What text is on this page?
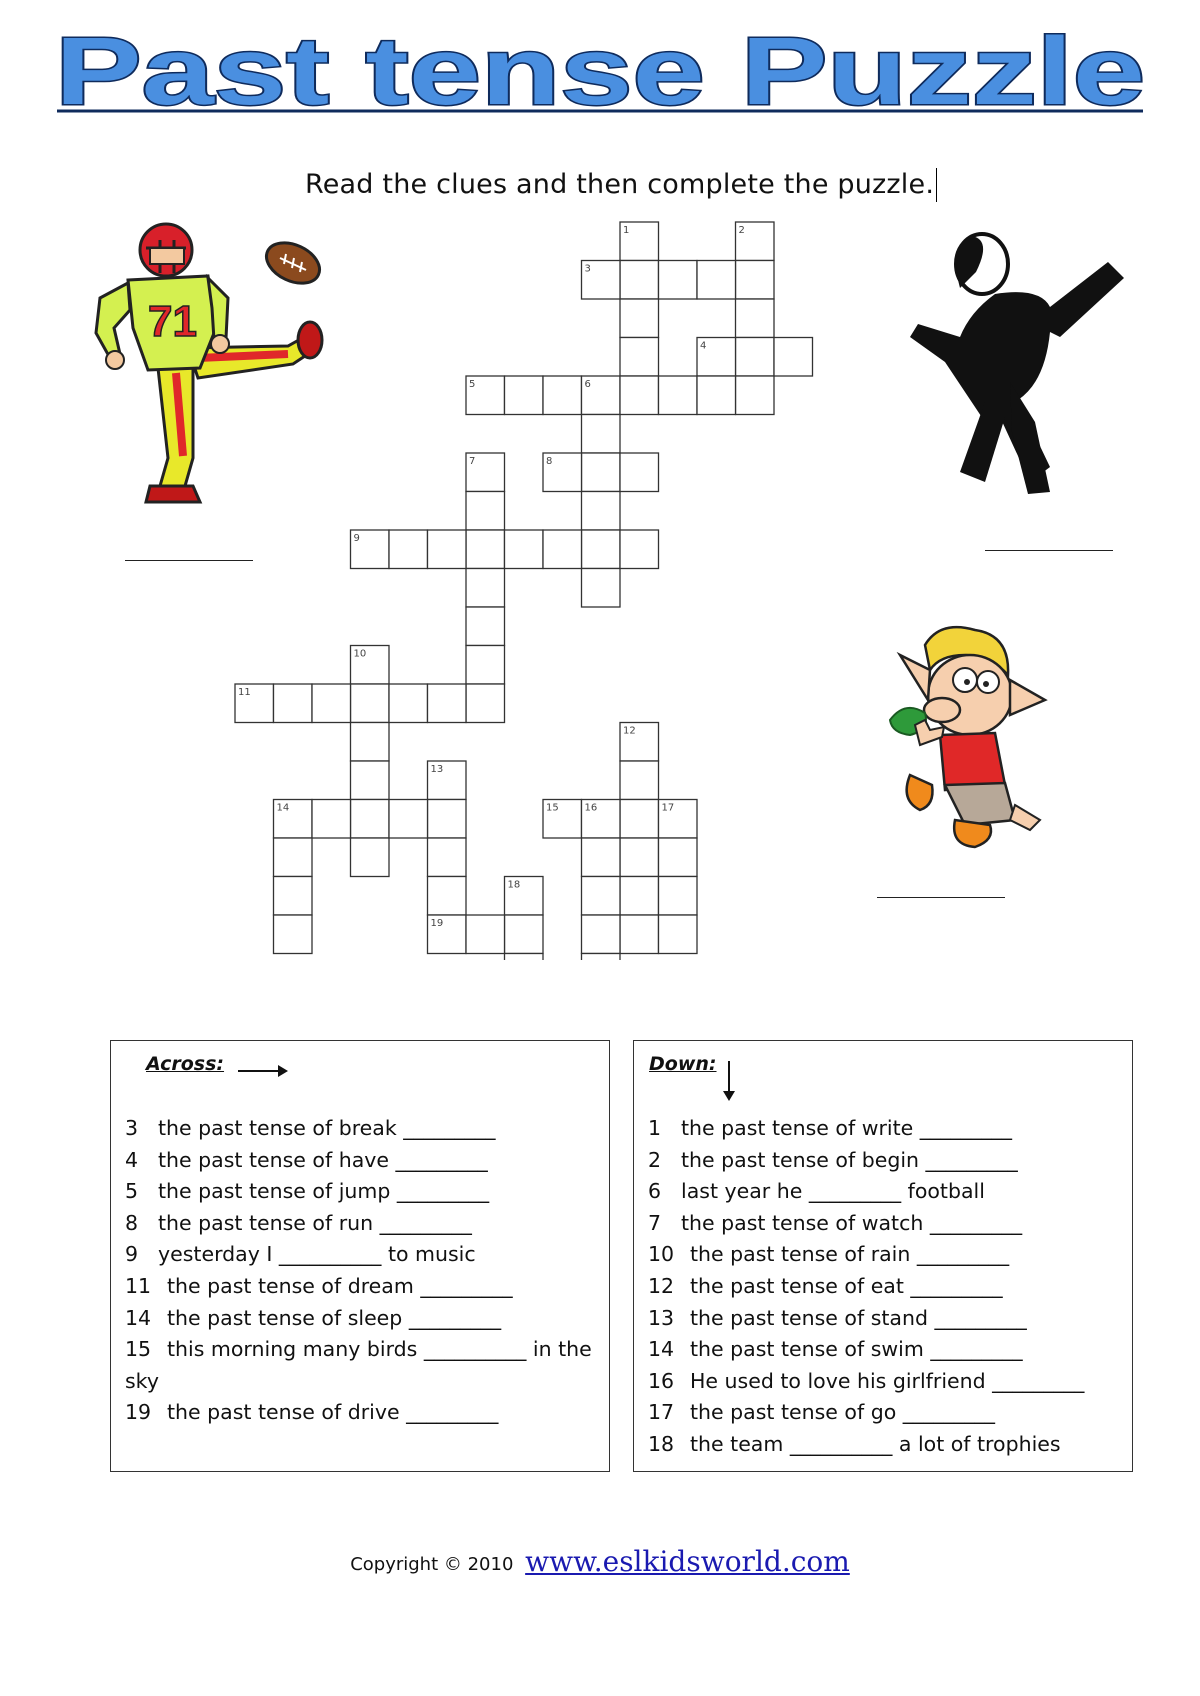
Past tense Puzzle
Read the clues and then complete the puzzle.
1	2
3
4
5	6
7	8
9
10
11
12
13
14	15	16	17
18
19
71
Across:
3 the past tense of break _________
4 the past tense of have _________
5 the past tense of jump _________
8 the past tense of run _________
9 yesterday I __________ to music
11 the past tense of dream _________
14 the past tense of sleep _________
15 this morning many birds __________ in the sky
19 the past tense of drive _________
Down:
1 the past tense of write _________
2 the past tense of begin _________
6 last year he _________ football
7 the past tense of watch _________
10 the past tense of rain _________
12 the past tense of eat _________
13 the past tense of stand _________
14 the past tense of swim _________
16 He used to love his girlfriend _________
17 the past tense of go _________
18 the team __________ a lot of trophies
Copyright © 2010 www.eslkidsworld.com
